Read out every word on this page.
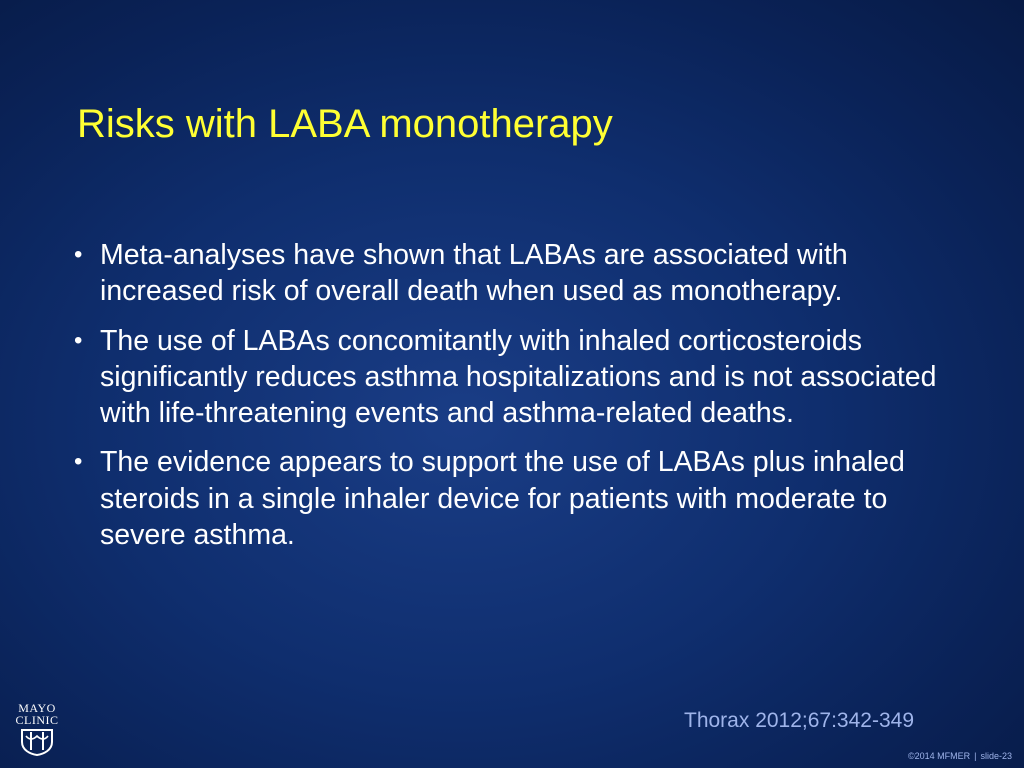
Risks with LABA monotherapy
• Meta-analyses have shown that LABAs are associated with increased risk of overall death when used as monotherapy.
• The use of LABAs concomitantly with inhaled corticosteroids significantly reduces asthma hospitalizations and is not associated with life-threatening events and asthma-related deaths.
• The evidence appears to support the use of LABAs plus inhaled steroids in a single inhaler device for patients with moderate to severe asthma.
MAYO
CLINIC	Thorax 2012;67:342-349
©2014 MFMER | slide-23
